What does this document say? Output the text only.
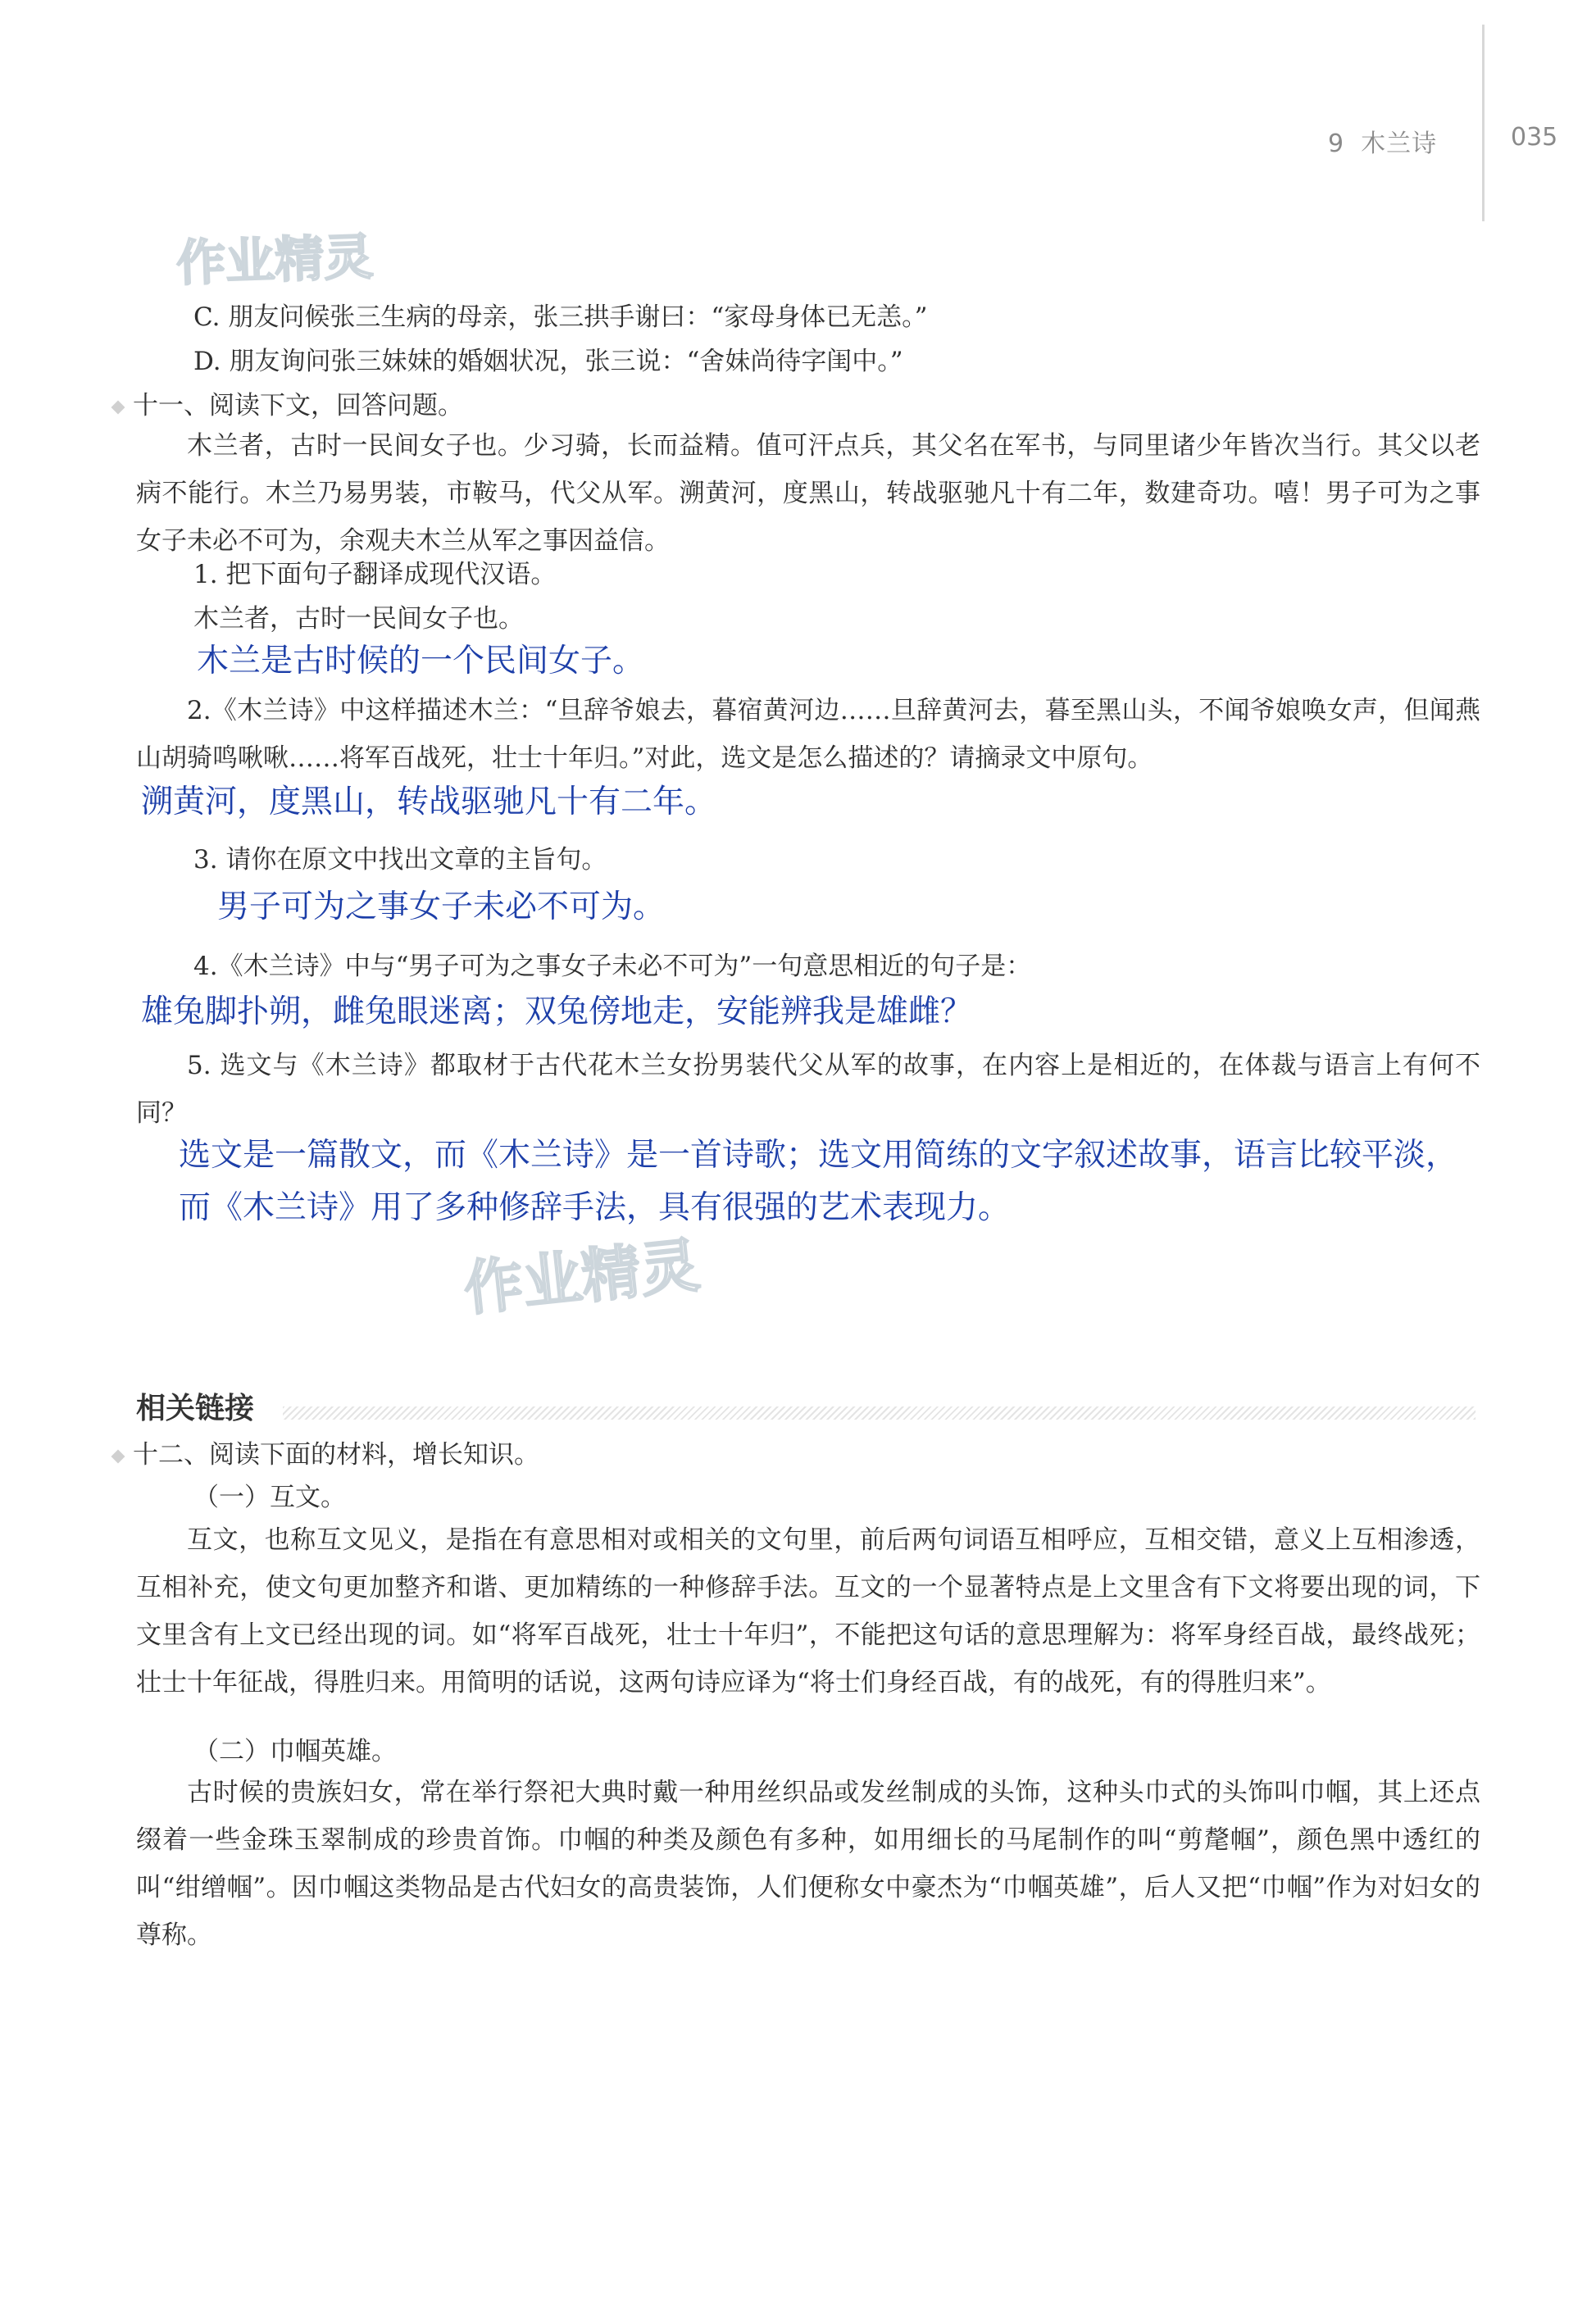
9 木兰诗	035
作业精灵
作业精灵
C. 朋友问候张三生病的母亲，张三拱手谢曰：“家母身体已无恙。”
D. 朋友询问张三妹妹的婚姻状况，张三说：“舍妹尚待字闺中。”
十一、阅读下文，回答问题。
木兰者，古时一民间女子也。少习骑，长而益精。值可汗点兵，其父名在军书，与同里诸少年皆次当行。其父以老病不能行。木兰乃易男装，市鞍马，代父从军。溯黄河，度黑山，转战驱驰凡十有二年，数建奇功。嘻！男子可为之事女子未必不可为，余观夫木兰从军之事因益信。
1. 把下面句子翻译成现代汉语。
木兰者，古时一民间女子也。
木兰是古时候的一个民间女子。
2.《木兰诗》中这样描述木兰：“旦辞爷娘去，暮宿黄河边……旦辞黄河去，暮至黑山头，不闻爷娘唤女声，但闻燕山胡骑鸣啾啾……将军百战死，壮士十年归。”对此，选文是怎么描述的？请摘录文中原句。
溯黄河，度黑山，转战驱驰凡十有二年。
3. 请你在原文中找出文章的主旨句。
男子可为之事女子未必不可为。
4.《木兰诗》中与“男子可为之事女子未必不可为”一句意思相近的句子是：
雄兔脚扑朔，雌兔眼迷离；双兔傍地走，安能辨我是雄雌？
5. 选文与《木兰诗》都取材于古代花木兰女扮男装代父从军的故事，在内容上是相近的，在体裁与语言上有何不同？
选文是一篇散文，而《木兰诗》是一首诗歌；选文用简练的文字叙述故事，语言比较平淡，而《木兰诗》用了多种修辞手法，具有很强的艺术表现力。
相关链接
十二、阅读下面的材料，增长知识。
（一）互文。
互文，也称互文见义，是指在有意思相对或相关的文句里，前后两句词语互相呼应，互相交错，意义上互相渗透，互相补充，使文句更加整齐和谐、更加精练的一种修辞手法。互文的一个显著特点是上文里含有下文将要出现的词，下文里含有上文已经出现的词。如“将军百战死，壮士十年归”，不能把这句话的意思理解为：将军身经百战，最终战死；壮士十年征战，得胜归来。用简明的话说，这两句诗应译为“将士们身经百战，有的战死，有的得胜归来”。
（二）巾帼英雄。
古时候的贵族妇女，常在举行祭祀大典时戴一种用丝织品或发丝制成的头饰，这种头巾式的头饰叫巾帼，其上还点缀着一些金珠玉翠制成的珍贵首饰。巾帼的种类及颜色有多种，如用细长的马尾制作的叫“剪氂帼”，颜色黑中透红的叫“绀缯帼”。因巾帼这类物品是古代妇女的高贵装饰，人们便称女中豪杰为“巾帼英雄”，后人又把“巾帼”作为对妇女的尊称。
